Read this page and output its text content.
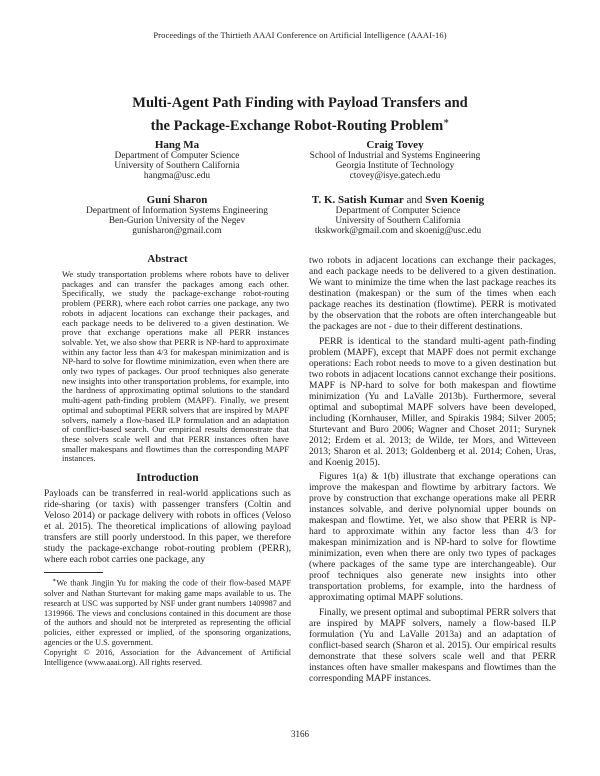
Proceedings of the Thirtieth AAAI Conference on Artificial Intelligence (AAAI-16)
Multi-Agent Path Finding with Payload Transfers and
the Package-Exchange Robot-Routing Problem∗
Hang Ma
Department of Computer Science
University of Southern California
hangma@usc.edu
Craig Tovey
School of Industrial and Systems Engineering
Georgia Institute of Technology
ctovey@isye.gatech.edu
Guni Sharon
Department of Information Systems Engineering
Ben-Gurion University of the Negev
gunisharon@gmail.com
T. K. Satish Kumar and Sven Koenig
Department of Computer Science
University of Southern California
tkskwork@gmail.com and skoenig@usc.edu
Abstract

We study transportation problems where robots have to deliver packages and can transfer the packages among each other. Specifically, we study the package-exchange robot-routing problem (PERR), where each robot carries one package, any two robots in adjacent locations can exchange their packages, and each package needs to be delivered to a given destination. We prove that exchange operations make all PERR instances solvable. Yet, we also show that PERR is NP-hard to approximate within any factor less than 4/3 for makespan minimization and is NP-hard to solve for flowtime minimization, even when there are only two types of packages. Our proof techniques also generate new insights into other transportation problems, for example, into the hardness of approximating optimal solutions to the standard multi-agent path-finding problem (MAPF). Finally, we present optimal and suboptimal PERR solvers that are inspired by MAPF solvers, namely a flow-based ILP formulation and an adaptation of conflict-based search. Our empirical results demonstrate that these solvers scale well and that PERR instances often have smaller makespans and flowtimes than the corresponding MAPF instances.

Introduction

Payloads can be transferred in real-world applications such as ride-sharing (or taxis) with passenger transfers (Coltin and Veloso 2014) or package delivery with robots in offices (Veloso et al. 2015). The theoretical implications of allowing payload transfers are still poorly understood. In this paper, we therefore study the package-exchange robot-routing problem (PERR), where each robot carries one package, any

∗We thank Jingjin Yu for making the code of their flow-based MAPF solver and Nathan Sturtevant for making game maps available to us. The research at USC was supported by NSF under grant numbers 1409987 and 1319966. The views and conclusions contained in this document are those of the authors and should not be interpreted as representing the official policies, either expressed or implied, of the sponsoring organizations, agencies or the U.S. government.

Copyright © 2016, Association for the Advancement of Artificial Intelligence (www.aaai.org). All rights reserved.

two robots in adjacent locations can exchange their packages, and each package needs to be delivered to a given destination. We want to minimize the time when the last package reaches its destination (makespan) or the sum of the times when each package reaches its destination (flowtime). PERR is motivated by the observation that the robots are often interchangeable but the packages are not - due to their different destinations.

PERR is identical to the standard multi-agent path-finding problem (MAPF), except that MAPF does not permit exchange operations: Each robot needs to move to a given destination but two robots in adjacent locations cannot exchange their positions. MAPF is NP-hard to solve for both makespan and flowtime minimization (Yu and LaValle 2013b). Furthermore, several optimal and suboptimal MAPF solvers have been developed, including (Kornhauser, Miller, and Spirakis 1984; Silver 2005; Sturtevant and Buro 2006; Wagner and Choset 2011; Surynek 2012; Erdem et al. 2013; de Wilde, ter Mors, and Witteveen 2013; Sharon et al. 2013; Goldenberg et al. 2014; Cohen, Uras, and Koenig 2015).

Figures 1(a) & 1(b) illustrate that exchange operations can improve the makespan and flowtime by arbitrary factors. We prove by construction that exchange operations make all PERR instances solvable, and derive polynomial upper bounds on makespan and flowtime. Yet, we also show that PERR is NP-hard to approximate within any factor less than 4/3 for makespan minimization and is NP-hard to solve for flowtime minimization, even when there are only two types of packages (where packages of the same type are interchangeable). Our proof techniques also generate new insights into other transportation problems, for example, into the hardness of approximating optimal MAPF solutions.

Finally, we present optimal and suboptimal PERR solvers that are inspired by MAPF solvers, namely a flow-based ILP formulation (Yu and LaValle 2013a) and an adaptation of conflict-based search (Sharon et al. 2015). Our empirical results demonstrate that these solvers scale well and that PERR instances often have smaller makespans and flowtimes than the corresponding MAPF instances.

3166
